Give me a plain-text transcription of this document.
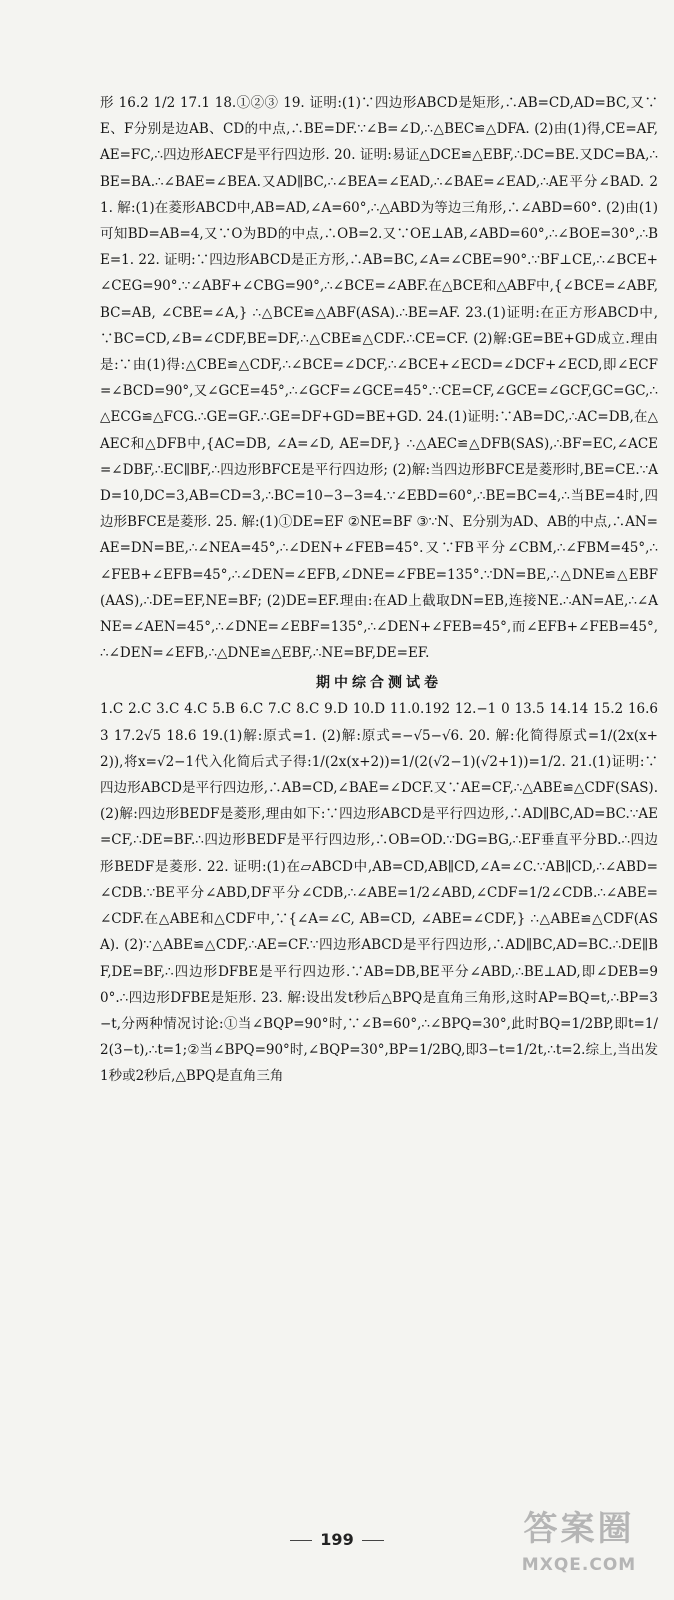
形 16.2 1/2 17.1 18.①②③ 19. 证明:(1)∵四边形ABCD是矩形,∴AB=CD,AD=BC,又∵E、F分别是边AB、CD的中点,∴BE=DF.∵∠B=∠D,∴△BEC≌△DFA. (2)由(1)得,CE=AF,AE=FC,∴四边形AECF是平行四边形. 20. 证明:易证△DCE≌△EBF,∴DC=BE.又DC=BA,∴BE=BA.∴∠BAE=∠BEA.又AD∥BC,∴∠BEA=∠EAD,∴∠BAE=∠EAD,∴AE平分∠BAD. 21. 解:(1)在菱形ABCD中,AB=AD,∠A=60°,∴△ABD为等边三角形,∴∠ABD=60°. (2)由(1)可知BD=AB=4,又∵O为BD的中点,∴OB=2.又∵OE⊥AB,∠ABD=60°,∴∠BOE=30°,∴BE=1. 22. 证明:∵四边形ABCD是正方形,∴AB=BC,∠A=∠CBE=90°.∵BF⊥CE,∴∠BCE+∠CEG=90°.∵∠ABF+∠CBG=90°,∴∠BCE=∠ABF.在△BCE和△ABF中,{∠BCE=∠ABF, BC=AB, ∠CBE=∠A,} ∴△BCE≌△ABF(ASA).∴BE=AF. 23.(1)证明:在正方形ABCD中,∵BC=CD,∠B=∠CDF,BE=DF,∴△CBE≌△CDF.∴CE=CF. (2)解:GE=BE+GD成立.理由是:∵由(1)得:△CBE≌△CDF,∴∠BCE=∠DCF,∴∠BCE+∠ECD=∠DCF+∠ECD,即∠ECF=∠BCD=90°,又∠GCE=45°,∴∠GCF=∠GCE=45°.∵CE=CF,∠GCE=∠GCF,GC=GC,∴△ECG≌△FCG.∴GE=GF.∴GE=DF+GD=BE+GD. 24.(1)证明:∵AB=DC,∴AC=DB,在△AEC和△DFB中,{AC=DB, ∠A=∠D, AE=DF,} ∴△AEC≌△DFB(SAS),∴BF=EC,∠ACE=∠DBF,∴EC∥BF,∴四边形BFCE是平行四边形; (2)解:当四边形BFCE是菱形时,BE=CE.∵AD=10,DC=3,AB=CD=3,∴BC=10−3−3=4.∵∠EBD=60°,∴BE=BC=4,∴当BE=4时,四边形BFCE是菱形. 25. 解:(1)①DE=EF ②NE=BF ③∵N、E分别为AD、AB的中点,∴AN=AE=DN=BE,∴∠NEA=45°,∴∠DEN+∠FEB=45°.又∵FB平分∠CBM,∴∠FBM=45°,∴∠FEB+∠EFB=45°,∴∠DEN=∠EFB,∠DNE=∠FBE=135°.∵DN=BE,∴△DNE≌△EBF(AAS),∴DE=EF,NE=BF; (2)DE=EF.理由:在AD上截取DN=EB,连接NE.∴AN=AE,∴∠ANE=∠AEN=45°,∴∠DNE=∠EBF=135°,∴∠DEN+∠FEB=45°,而∠EFB+∠FEB=45°,∴∠DEN=∠EFB,∴△DNE≌△EBF,∴NE=BF,DE=EF.

期中综合测试卷

1.C 2.C 3.C 4.C 5.B 6.C 7.C 8.C 9.D 10.D 11.0.192 12.−1 0 13.5 14.14 15.2 16.6 3 17.2√5 18.6 19.(1)解:原式=1. (2)解:原式=−√5−√6. 20. 解:化简得原式=1/(2x(x+2)),将x=√2−1代入化简后式子得:1/(2x(x+2))=1/(2(√2−1)(√2+1))=1/2. 21.(1)证明:∵四边形ABCD是平行四边形,∴AB=CD,∠BAE=∠DCF.又∵AE=CF,∴△ABE≌△CDF(SAS). (2)解:四边形BEDF是菱形,理由如下:∵四边形ABCD是平行四边形,∴AD∥BC,AD=BC.∵AE=CF,∴DE=BF.∴四边形BEDF是平行四边形,∴OB=OD.∵DG=BG,∴EF垂直平分BD.∴四边形BEDF是菱形. 22. 证明:(1)在▱ABCD中,AB=CD,AB∥CD,∠A=∠C.∵AB∥CD,∴∠ABD=∠CDB.∵BE平分∠ABD,DF平分∠CDB,∴∠ABE=1/2∠ABD,∠CDF=1/2∠CDB.∴∠ABE=∠CDF.在△ABE和△CDF中,∵{∠A=∠C, AB=CD, ∠ABE=∠CDF,} ∴△ABE≌△CDF(ASA). (2)∵△ABE≌△CDF,∴AE=CF.∵四边形ABCD是平行四边形,∴AD∥BC,AD=BC.∴DE∥BF,DE=BF,∴四边形DFBE是平行四边形.∵AB=DB,BE平分∠ABD,∴BE⊥AD,即∠DEB=90°.∴四边形DFBE是矩形. 23. 解:设出发t秒后△BPQ是直角三角形,这时AP=BQ=t,∴BP=3−t,分两种情况讨论:①当∠BQP=90°时,∵∠B=60°,∴∠BPQ=30°,此时BQ=1/2BP,即t=1/2(3−t),∴t=1;②当∠BPQ=90°时,∠BQP=30°,BP=1/2BQ,即3−t=1/2t,∴t=2.综上,当出发1秒或2秒后,△BPQ是直角三角

199	答案圈
MXQE.COM
